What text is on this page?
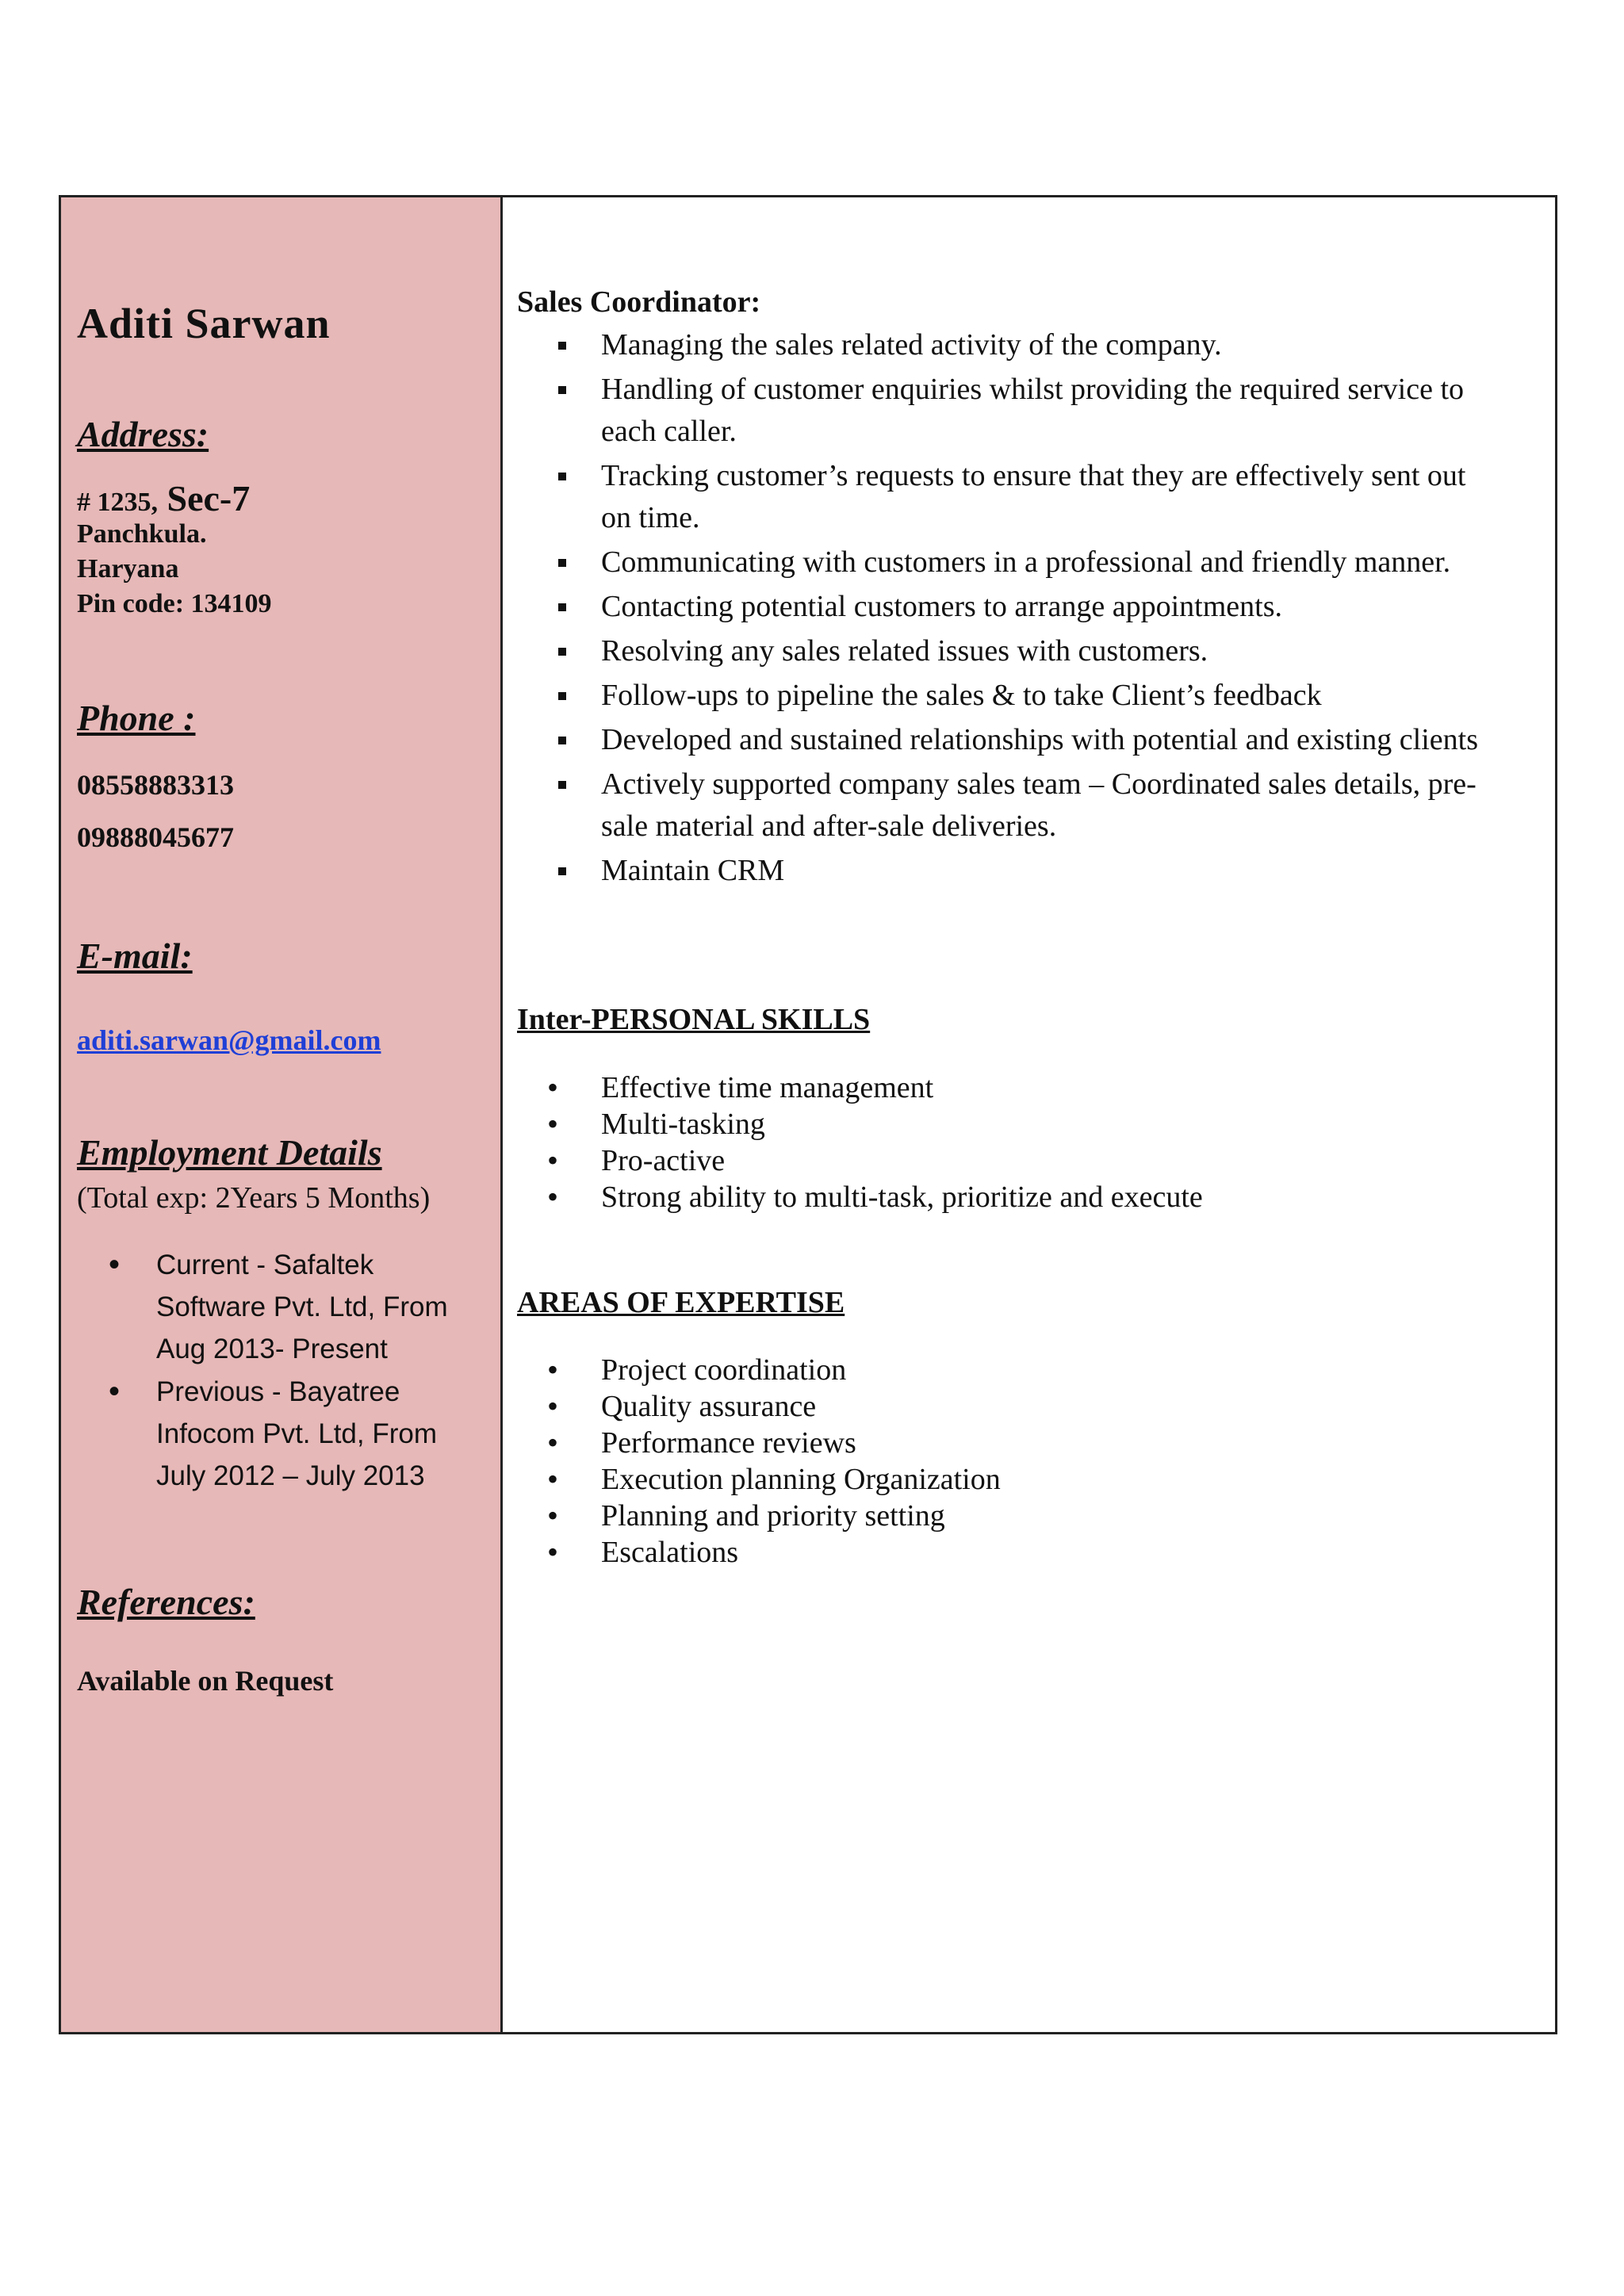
Aditi Sarwan
Address:
# 1235, Sec-7
Panchkula.
Haryana
Pin code: 134109
Phone :
08558883313
09888045677
E-mail:
aditi.sarwan@gmail.com
Employment Details
(Total exp: 2Years 5 Months)
• Current - Safaltek Software Pvt. Ltd, From Aug 2013- Present
• Previous - Bayatree Infocom Pvt. Ltd, From July 2012 – July 2013
References:
Available on Request
Sales Coordinator:
Managing the sales related activity of the company.
Handling of customer enquiries whilst providing the required service to each caller.
Tracking customer’s requests to ensure that they are effectively sent out on time.
Communicating with customers in a professional and friendly manner.
Contacting potential customers to arrange appointments.
Resolving any sales related issues with customers.
Follow-ups to pipeline the sales & to take Client’s feedback
Developed and sustained relationships with potential and existing clients
Actively supported company sales team – Coordinated sales details, pre-sale material and after-sale deliveries.
Maintain CRM
Inter-PERSONAL SKILLS
• Effective time management
• Multi-tasking
• Pro-active
• Strong ability to multi-task, prioritize and execute
AREAS OF EXPERTISE
• Project coordination
• Quality assurance
• Performance reviews
• Execution planning Organization
• Planning and priority setting
• Escalations
